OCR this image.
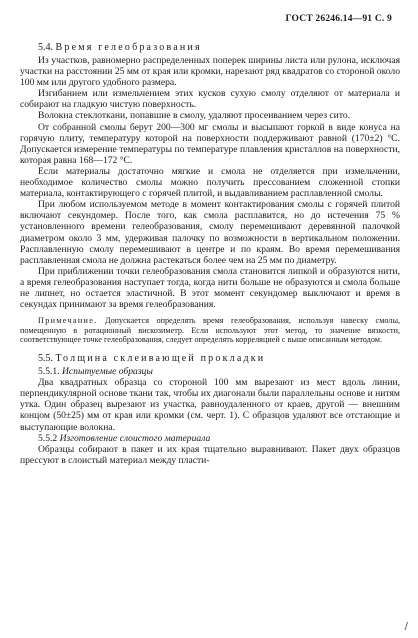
ГОСТ 26246.14—91 С. 9
5.4. Время гелеобразования

Из участков, равномерно распределенных поперек ширины листа или рулона, исключая участки на расстоянии 25 мм от края или кромки, нарезают ряд квадратов со стороной около 100 мм или другого удобного размера.

Изгибанием или измельчением этих кусков сухую смолу отделяют от материала и собирают на гладкую чистую поверхность.

Волокна стеклоткани, попавшие в смолу, удаляют просеиванием через сито.

От собранной смолы берут 200—300 мг смолы и высыпают горкой в виде конуса на горячую плиту, температуру которой на поверхности поддерживают равной (170±2) °С. Допускается измерение температуры по температуре плавления кристаллов на поверхности, которая равна 168—172 °С.

Если материалы достаточно мягкие и смола не отделяется при измельчении, необходимое количество смолы можно получить прессованием сложенной стопки материала, контактирующего с горячей плитой, и выдавливанием расплавленной смолы.

При любом используемом методе в момент контактирования смолы с горячей плитой включают секундомер. После того, как смола расплавится, но до истечения 75 % установленного времени гелеобразования, смолу перемешивают деревянной палочкой диаметром около 3 мм, удерживая палочку по возможности в вертикальном положении. Расплавленную смолу перемешивают в центре и по краям. Во время перемешивания расплавленная смола не должна растекаться более чем на 25 мм по диаметру.

При приближении точки гелеобразования смола становится липкой и образуются нити, а время гелеобразования наступает тогда, когда нити больше не образуются и смола больше не липнет, но остается эластичной. В этот момент секундомер выключают и время в секундах принимают за время гелеобразования.

Примечание. Допускается определять время гелеобразования, используя навеску смолы, помещенную в ротационный вискозиметр. Если используют этот метод, то значение вязкости, соответствующее точке гелеобразования, следует определять корреляцией с выше описанным методом.

5.5. Толщина склеивающей прокладки
5.5.1. Испытуемые образцы

Два квадратных образца со стороной 100 мм вырезают из мест вдоль линии, перпендикулярной основе ткани так, чтобы их диагонали были параллельны основе и нитям утка. Один образец вырезают из участка, равноудаленного от краев, другой — внешним концом (50±25) мм от края или кромки (см. черт. 1). С образцов удаляют все отстающие и выступающие волокна.

5.5.2 Изготовление слоистого материала

Образцы собирают в пакет и их края тщательно выравнивают. Пакет двух образцов прессуют в слоистый материал между пласти-

/
